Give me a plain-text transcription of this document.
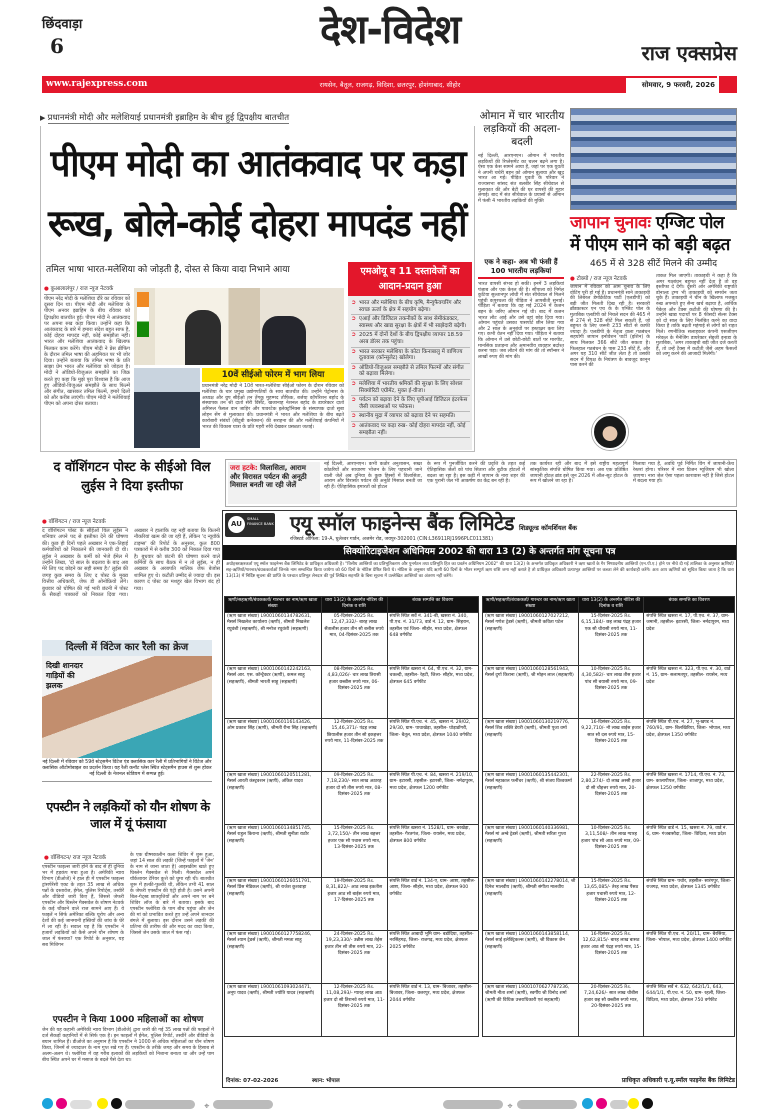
छिंदवाड़ा
6	देश-विदेश	राज एक्सप्रेस
www.rajexpress.com	रायसेन, बैतूल, राजगढ़, विदिशा, छतरपुर, होशंगाबाद, सीहोर	सोमवार, 9 फरवरी, 2026
▶ प्रधानमंत्री मोदी और मलेशियाई प्रधानमंत्री इब्राहिम के बीच हुई द्विपक्षीय बातचीत
पीएम मोदी का आतंकवाद पर कड़ा
रूख, बोले-कोई दोहरा मापदंड नहीं
तमिल भाषा भारत-मलेशिया को जोड़ती है, दोस्त से किया वादा निभाने आया
● कुआलालंपुर / राज न्यूज नेटवर्क
पीएम नरेंद्र मोदी के मलेशिया दौरे का रविवार को दूसरा दिन था। पीएम मोदी और मलेशिया के पीएम अनवर इब्राहिम के बीच रविवार को द्विपक्षीय बातचीत हुई। पीएम मोदी ने आतंकवाद पर अपना रुख कड़ा किया। उन्होंने कहा कि आतंकवाद के बारे में हमारा संदेश बहुत साफ है, कोई दोहरा मापदंड नहीं, कोई समझौता नहीं। भारत और मलेशिया आतंकवाद के खिलाफ मिलकर काम करेंगे। पीएम मोदी ने प्रेस ब्रीफिंग के दौरान तमिल भाषा की अहमियत पर भी जोर दिया। उन्होंने बताया कि तमिल भाषा के प्रति साझा प्रेम भारत और मलेशिया को जोड़ता है। मोदी ने ऑडियो-विजुअल समझौते का जिक्र करते हुए कहा कि मुझे पूरा विश्वास है कि आज हुए ऑडियो-विजुअल समझौते के साथ फिल्में और संगीत, खासकर तमिल फिल्में, हमारे दिलों को और करीब लाएंगी। पीएम मोदी ने मलेशियाई पीएम को अपना दोस्त बताया।
10वें सीईओ फोरम में भाग लिया
प्रधानमंत्री नरेंद्र मोदी ने 10वें भारत-मलेशिया सीईओ फोरम के दौरान रविवार को मलेशिया के चार प्रमुख उद्योगपतियों के साथ बातचीत की। उन्होंने पेट्रोनास के अध्यक्ष और ग्रुप सीईओ तन तेंगकू मुहम्मद तौफिक, बर्जया कॉर्पोरेशन बर्हाद के संस्थापक तन श्री दातो सेरी विंसेंट, खजानाह नेशनल बर्हाद के डायरेक्टर दातो अमिरुल फैसल वान जाहिर और पावरटेक इलेक्ट्रॉनिक्स के संस्थापक दातो सुबा लोहन सेंग से मुलाकात की। प्रधानमंत्री ने भारत और मलेशिया के बीच बढ़ते कारोबारी संबंधों (बीटूबी कनेक्शन) की सराहना की और मलेशियाई कंपनियों में भारत की विकास यात्रा के प्रति गहरी रुचि देखकर प्रसन्नता जताई।
एमओयू व 11 दस्तावेजों का आदान-प्रदान हुआ
➲ भारत और मलेशिया के बीच कृषि, मैन्युफैक्चरिंग और स्वच्छ ऊर्जा के क्षेत्र में सहयोग बढ़ेगा।
➲ एआई और डिजिटल तकनीकों के साथ सेमीकंडक्टर, स्वास्थ्य और खाद्य सुरक्षा के क्षेत्रों में भी साझेदारी बढ़ेगी।
➲ 2025 में दोनों देशों के बीच द्विपक्षीय व्यापार 18.59 अरब डॉलर तक पहुंचा।
➲ भारत सरकार मलेशिया के कोटा किनाबालु में वाणिज्य दूतावास (कॉन्सुलेट) खोलेगा।
➲ ऑडियो-विजुअल समझौते से तमिल फिल्मों और संगीत को बढ़ावा मिलेगा।
➲ मलेशिया में भारतीय श्रमिकों की सुरक्षा के लिए सोशल सिक्योरिटी एग्रीमेंट, मुक्त ई-वीजा।
➲ पर्यटन को बढ़ावा देने के लिए यूपीआई डिजिटल इंटरफेस जैसी व्यवस्थाओं पर फोकस।
➲ स्थानीय मुद्रा में व्यापार को बढ़ावा देने पर सहमति।
➲ आतंकवाद पर कड़ा रुख- कोई दोहरा मापदंड नहीं, कोई समझौता नहीं।
ओमान में चार भारतीय लड़कियों की अदला-बदली
नई दिल्ली, आरएनएन। ओमान में भारतीय लड़कियों की रिप्लेसमेंट का चलन बढ़ने लगा है। ऐसा एक केस सामने आया है, जहां पर एक युवती ने अपनी चचेरी बहन को ओमान बुलाया और खुद भारत आ गई। पीड़ित युवती के परिवार ने राज्यसभा सांसद संत बलबीर सिंह सीचेवाल से मुलाकात की और बेटी की घर वापसी की गुहार लगाई। बाद में संत सीचेवाल के प्रयासों से ओमान में फंसी 4 भारतीय लड़कियों की मुक्ति
एक ने कहा- अब भी फंसी हैं 100 भारतीय लड़कियां
भारत वापसी संभव हो सकी। इनमें 3 लड़कियां पंजाब और एक केरल की है। सौंपाला को निर्मल कुटिया सुल्तानपुर लोधी में संत सीचेवाल से मिलने पहुंची कपूरथला की पीड़िता ने आपबीती सुनाई। पीड़िता ने बताया कि वह मई 2024 में कजन बहन के जरिए ओमान गई थी। बाद में कजन भारत लौट आई और उसे वहां छोड़ दिया गया। ओमान पहुंचते उसका पासपोर्ट छीन लिया गया और 2 साल के अनुबंधों पर हस्ताक्षर करा लिए गए। कभी वेतन नहीं दिया गया। पीड़िता ने बताया कि ओमान में उसे छोटी-छोटी बातों पर मारपीट, मानसिक प्रताड़ना और अमानवीय व्यवहार बर्दाश्त करना पड़ा। जब लौटने की मांग की तो स्पॉन्सर ने लाखों रुपए की मांग की।
जापान चुनावः एग्जिट पोल
में पीएम साने को बड़ी बढ़त
465 में से 328 सीटें मिलने की उम्मीद
● टोक्यो / राज न्यूज नेटवर्क
जापान में रविवार को आम चुनाव के लिए वोटिंग पूरी हो गई है। प्रधानमंत्री साने ताकाइची की लिबरल डेमोक्रेटिक पार्टी (एलडीपी) को बड़ी जीत मिलती दिख रही है। सरकारी ब्रॉडकास्टर एन एच के के एग्जिट पोल के मुताबिक एलडीपी को निचले सदन की 465 में से 274 से 328 सीटें मिल सकती हैं, जो बहुमत के लिए जरूरी 233 सीटों से काफी ज्यादा है। एलडीपी के नेतृत्व वाला गठबंधन सहयोगी जापान इनोवेशन पार्टी (इशिन) के साथ मिलकर 366 सीटें जीत सकता है। फिलहाल गठबंधन के पास 233 सीटें हैं, और अगर यह 310 सीटें जीत लेता है तो उसकी सदन में विपक्ष के नियंत्रण के बावजूद कानून पास करने की
ताकत मिल जाएगी। ताकाइची ने कहा है कि अगर गठबंधन बहुमत नहीं देता है तो वह इस्तीफा दे देंगी। दूसरी ओर अमेरिकी राष्ट्रपति डोनाल्ड ट्रम्प भी ताकाइची को समर्थन जता चुके हैं। ताकाइची ने चीन के खिलाफ मजबूत रुख अपनाते हुए सैन्य खर्च बढ़ाया है, आर्थिक पैकेज और टैक्स कटौती की घोषणा की है। उन्होंने खाद्य पदार्थों पर 8 फीसदी सेल्स टैक्स को दो साल के लिए निलंबित करने का वादा किया है ताकि बढ़ती महंगाई से लोगों को राहत मिले। रणनीतिक सलाहकार कंपनी एसजीएम मरेकल के मैनेजिंग डायरेक्टर सेइजी इनाडा के मुताबिक, 'अगर ताकाइची बड़ी जीत दर्ज करती हैं, तो उन्हें टैक्स में कटौती जैसे अहम फैसलों को लागू करने की आजादी मिलेगी।'
द वॉशिंगटन पोस्ट के सीईओ विल लुईस ने दिया इस्तीफा
● वॉशिंगटन / राज न्यूज नेटवर्क
द वॉशिंगटन पोस्ट के सीईओ विल लुईस ने शनिवार अपने पद से इस्तीफा देने की घोषणा की। कुछ ही दिनों पहले अखबार ने एक-तिहाई कर्मचारियों को निकालने की जानकारी दी थी। लुईस ने अखबार के कर्मी को भेजे ईमेल में उन्होंने लिखा, 'दो साल के बदलाव के बाद अब मेरे लिए पद छोड़ने का सही समय है।' लुईस की जगह कुछ समय के लिए द पोस्ट के मुख्य वित्तीय अधिकारी, जेफ डी ओनोफ्रियो लेंगे। बुधवार को घोषित की गई भारी छंटनी में पोस्ट के सैकड़ों पत्रकारों को निकाल दिया गया। अखबार ने हालांकि यह नहीं बताया कि कितनी नौकरियां खत्म की जा रही हैं, लेकिन 'द न्यूयॉर्क टाइम्स' की रिपोर्ट के अनुसार, कुल 800 पत्रकारों में से करीब 300 को निकाल दिया गया है। बुधवार को छंटनी की घोषणा करने वाले कर्मियों के साथ बैठक में न तो लुईस, न ही अखबार के अरबपति मालिक जेफ बेजोस शामिल हुए थे। कटौती उम्मीद से ज्यादा थी। इस कारण द पोस्ट का मशहूर खेल विभाग बंद हो गया।
दिल्ली में विंटेज कार रैली का क्रेज
दिखी शानदार गाड़ियों की झलक
नई दिल्ली में रविवार को 59वें स्टेट्समैन विंटेज एंड क्लासिक कार रैली में प्रतिभागियों ने विंटेज और क्लासिक ऑटोमोबाइल का प्रदर्शन किया। यह रैली कनॉट प्लेस स्थित स्टेट्समैन हाउस से शुरू होकर नई दिल्ली के नेशनल स्टेडियम में सम्पन्न हुई।
एपस्टीन ने लड़कियों को यौन शोषण के जाल में यूं फंसाया
● वॉशिंगटन/ राज न्यूज नेटवर्क
एपस्टीन फाइल्स जारी होने के बाद से ही दुनिया भर में हड़कंप मचा हुआ है। अमेरिकी न्याय विभाग (डीओजे) ने हाल ही में एपस्टीन फाइल्स ट्रांसपेरेंसी एक्ट के तहत 35 लाख से अधिक पन्नों के दस्तावेज, ईमेल, पुलिस रिपोर्ट्स, तस्वीरें और वीडियो जारी किए हैं, जिससे जेफरी एपस्टीन और घिस्लेन मैक्सवेल के शोषण नेटवर्क के कई चौंकाने वाले राज सामने आए हैं। ये फाइलें न सिर्फ अमेरिका बल्कि यूरोप और अन्य देशों की कई जानमानी हस्तियों की जांच के घेरे में ला रही हैं। सवाल यह है कि एपस्टीन ने हजारों लड़कियों को कैसे अपने यौन शोषण के जाल में फंसाया? एक रिपोर्ट के अनुसार, यह सब मिशिगन
के एक ग्रीष्मकालीन कला शिविर में शुरू हुआ, जहां 14 साल की लड़की (जिन्हें फाइलों में 'जेन' के नाम से जाना जाता है) आइसक्रीम खाते हुए घिस्लेन मैक्सवेल से मिली। मैक्सवेल अपने यॉर्कशायर टेरियर कुत्ते को घुमा रही थी। बातचीत शुरू में हल्की-फुल्की थी, लेकिन तभी 41 साल के जेफरी एपस्टीन की एंट्री होती है। उसने अपनी बिल-गेट्स्ड छात्रवृत्तियों और अपने नाम पर बने शिविर लॉज के बारे में बताया। इसके बाद एपस्टीन फ्लोरिडा के पाम बीच पहुंचा और जेन की मां को प्रभावित करते हुए उन्हें अपने शानदार बंगले में बुलाया। इस दौरान उसने लड़की की प्रतिभा की तारीफ की और मदद का वादा किया, जिससे जेन उसके जाल में फंस गई।
एपस्टीन ने किया 1000 महिलाओं का शोषण
जेन की यह कहानी अमेरिकी न्याय विभाग (डीओजे) द्वारा जारी की गई 35 लाख पन्नों की फाइलों में दर्ज सैकड़ों कहानियों में से सिर्फ एक है। इन फाइलों में ईमेल, पुलिस रिपोर्ट, तस्वीरें और वीडियो के बयान शामिल हैं। डीओजे का अनुमान है कि एपस्टीन ने 1000 से अधिक महिलाओं का यौन शोषण किया, जिनमें से ज्यादातर के नाम गुप्त रखे गए हैं। एपस्टीन के तरीके जगह और समय के हिसाब से अलग-अलग थे। फ्लोरिडा में वह गरीब इलाकों की लड़कियों को निशाना बनाता था और उन्हें पाम बीच स्थित अपने घर में मसाज के बदले पैसे देता था।
जरा हटके: विलासिता, आराम और विरासत पर्यटन की अनूठी मिसाल बनती जा रही जेलें
नई दिल्ली, आरएनएन। कभी कठोर अनुशासन, सख्त कोठरियों और साधारण भोजन के लिए पहचानी जाने वाली जेलें अब दुनिया के कुछ हिस्सों में विलासिता, आराम और विरासत पर्यटन की अनूठी मिसाल बनती जा रही हैं। ऐतिहासिक इमारतों को होटल
के रूप में पुनर्जीवित करने की प्रवृत्ति के तहत कई ऐतिहासिक जेलों को पांच सितारा और बुटीक होटलों में बदला जा रहा है। इस कड़ी में जापान के नारा शहर की एक पुरानी जेल भी आकर्षण का केंद्र बन रही है।
तक कार्यरत रही और बाद में इसे राष्ट्रीय महत्वपूर्ण सांस्कृतिक संपत्ति घोषित किया गया। अब एक प्रतिष्ठित जापानी होटल ब्रांड इसे जून 2026 में ऑल-सूट होटल के रूप में खोलने जा रहा है।
मिलाया गया है, अवधि पूर्व निर्मित विंग में जापानी-फ्रेंच रेस्तरां होगा। परिसर में नारा प्रिजन म्यूजियम भी खोला जाएगा। नारा जेल ऐसा पहला कारावास नहीं है जिसे होटल में बदला गया हो।
AU
SMALL FINANCE BANK एयू स्मॉल फाइनेन्स बैंक लिमिटेड शिड्यूल्ड कॉमर्शियल बैंक
रजिस्टर्ड ऑफिस: 19-A, धुलेश्वर गार्डन, अजमेर रोड, जयपुर-302001 (CIN:L36911RJ1996PLC011381)
सिक्योरिटाइजेशन अधिनियम 2002 की धारा 13 (2) के अन्तर्गत मांग सूचना पत्र
अधोहस्ताक्षरकर्ता एयू स्मॉल फाइनेन्स बैंक लिमिटेड के प्राधिकृत अधिकारी है। "वित्तीय आस्तियों का प्रतिभूतिकरण और पुनर्गठन तथा प्रतिभूति हित का प्रवर्तन अधिनियम 2002" की धारा 13(2) के अन्तर्गत प्राधिकृत अधिकारी ने ऋण खातों के गैर निष्पादनीय आस्तियों (एन.पी.ए.) होने पर नीचे दी गई तालिका के अनुसार ऋणियों/सह-ऋणियों/गारन्टर/बंधककर्ताओं जिनके नाम सम्बन्धित किया जायेगा को 60 दिनों के नोटिस प्रेषित किये थे। नोटिस के अनुसार यदि ऋणी 60 दिनों के भीतर सम्पूर्ण ऋण राशि जमा नहीं कराते है तो प्राधिकृत अधिकारी प्रत्याभूत आस्तियों पर कब्जा लेने की कार्यवाही करेंगे। अतः आप ऋणियों को सूचित किया जाता है कि धारा 13(13) में निर्दिष्ट सूचना की प्राप्ति के पश्चात प्रतिभूत लेनदार की पूर्व लिखित सहमति के बिना सूचना में उल्लेखित आस्तियों का अंतरण नहीं करेंगे।
ऋणी/सहऋणी/बंधककर्ता/ गारन्टर का नाम/ऋण खाता संख्या	धारा 13(2) के अन्तर्गत नोटिस की दिनांक व राशि	बंधक सम्पत्ति का विवरण
(ऋण खाता संख्या) L9001060134782631, मैसर्स निखलेश कार्यालय (ऋणी), श्रीमती निखलेश रघुवंशी (सहऋणी), श्री मनोज रघुवंशी (सहऋणी)	05-दिसंबर-2025 Rs. 12,47,332/- बारह लाख सैंतालीस हजार तीन सौ बत्तीस रुपये मात्र, 04-दिसंबर-2025 तक	संपत्ति स्थित सर्वे नं. 341-बी, खसरा नं. 340, पी.एच. नं. 31/73, वार्ड नं. 12, ग्राम- सिहरान, तहसील एवं जिला- सीहोर, मध्य प्रदेश, क्षेत्रफल 648 वर्गफीट
(ऋण खाता संख्या) L9001060142242163, मैसर्स आर. एस. कॉन्ट्रैक्टर (ऋणी), कमल साहू (सहऋणी), श्रीमती भारती साहू (सहऋणी)	08-दिसंबर-2025 Rs. 4,83,026/- चार लाख तिरासी हजार छब्बीस रुपये मात्र, 06-दिसंबर-2025 तक	संपत्ति स्थित खसरा नं. 64, पी.एच. नं. 32, ग्राम- चकल्दी, तहसील- रेहटी, जिला- सीहोर, मध्य प्रदेश, क्षेत्रफल 645 वर्गफीट
(ऋण खाता संख्या) L9001060116143426, ओम प्रकाश सिंह (ऋणी), श्रीमती रीना सिंह (सहऋणी)	12-दिसंबर-2025 Rs. 15,46,371/- पंद्रह लाख छियालीस हजार तीन सौ इकहत्तर रुपये मात्र, 11-दिसंबर-2025 तक	संपत्ति स्थित पी.एच. नं. 45, खसरा नं. 29/02, 29/30, ग्राम- पाथाखेड़ा, तहसील- घोड़ाडोंगरी, जिला- बैतूल, मध्य प्रदेश, क्षेत्रफल 1040 वर्गफीट
(ऋण खाता संख्या) L9001060120511281, मैसर्स आरती कंस्ट्रक्शन (ऋणी), अंकित यादव (सहऋणी)	09-दिसंबर-2025 Rs. 7,18,230/- सात लाख अठारह हजार दो सौ तीस रुपये मात्र, 08-दिसंबर-2025 तक	संपत्ति स्थित पी.एच. नं. 84, खसरा नं. 219/10, ग्राम- इटारसी, तहसील- इटारसी, जिला- नर्मदापुरम, मध्य प्रदेश, क्षेत्रफल 1200 वर्गफीट
(ऋण खाता संख्या) L9001060134851745, मैसर्स राहुल किराना (ऋणी), श्रीमती सुनीता राठौर (सहऋणी)	15-दिसंबर-2025 Rs. 3,72,150/- तीन लाख बहत्तर हजार एक सौ पचास रुपये मात्र, 13-दिसंबर-2025 तक	संपत्ति स्थित खसरा नं. 1528/1, ग्राम- बरखेड़ा, तहसील- गैरतगंज, जिला- रायसेन, मध्य प्रदेश, क्षेत्रफल 800 वर्गफीट
(ऋण खाता संख्या) L9001060126051791, मैसर्स प्रिंस मेडिकल (ऋणी), श्री राजेश कुशवाहा (सहऋणी)	19-दिसंबर-2025 Rs. 8,31,822/- आठ लाख इकतीस हजार आठ सौ बाईस रुपये मात्र, 17-दिसंबर-2025 तक	संपत्ति स्थित वार्ड नं. 134-ए, ग्राम- आष्टा, तहसील- आष्टा, जिला- सीहोर, मध्य प्रदेश, क्षेत्रफल 900 वर्गफीट
(ऋण खाता संख्या) L9001060127758246, मैसर्स श्याम ट्रेडर्स (ऋणी), श्रीमती ममता साहू (सहऋणी)	24-दिसंबर-2025 Rs. 19,23,330/- उन्नीस लाख तेईस हजार तीन सौ तीस रुपये मात्र, 22-दिसंबर-2025 तक	संपत्ति स्थित आबादी भूमि ग्राम- बडोदिया, तहसील- नरसिंहगढ़, जिला- राजगढ़, मध्य प्रदेश, क्षेत्रफल 2025 वर्गफीट
(ऋण खाता संख्या) L9001061093024471, अनूप यादव (ऋणी), श्रीमती ज्योति यादव (सहऋणी)	12-दिसंबर-2025 Rs. 11,08,293/- ग्यारह लाख आठ हजार दो सौ तिरानवे रुपये मात्र, 11-दिसंबर-2025 तक	संपत्ति स्थित वार्ड नं. 13, ग्राम- बिजावर, तहसील- बिजावर, जिला- छतरपुर, मध्य प्रदेश, क्षेत्रफल 2044 वर्गफीट
ऋणी/सहऋणी/बंधककर्ता/ गारन्टर का नाम/ऋण खाता संख्या	धारा 13(2) के अन्तर्गत नोटिस की दिनांक व राशि	बंधक सम्पत्ति का विवरण
(ऋण खाता संख्या) L9001060127027212, मैसर्स गणेश ट्रेडर्स (ऋणी), श्रीमती कविता पटेल (सहऋणी)	15-दिसंबर-2025 Rs. 6,15,184/- छह लाख पंद्रह हजार एक सौ चौरासी रुपये मात्र, 11-दिसंबर-2025 तक	संपत्ति स्थित खसरा नं. 17, पी.एच. नं. 37, ग्राम- जमानी, तहसील- इटारसी, जिला- नर्मदापुरम, मध्य प्रदेश
(ऋण खाता संख्या) L9001060128561943, मैसर्स दुर्गा किराना (ऋणी), श्री मोहन लाल (सहऋणी)	10-दिसंबर-2025 Rs. 4,30,582/- चार लाख तीस हजार पांच सौ बयासी रुपये मात्र, 09-दिसंबर-2025 तक	संपत्ति स्थित खसरा नं. 323, पी.एच. नं. 30, वार्ड नं. 15, ग्राम- सलामतपुर, तहसील- रायसेन, मध्य प्रदेश
(ऋण खाता संख्या) L9001060130219776, मैसर्स शिव शक्ति डेयरी (ऋणी), श्रीमती पूजा वर्मा (सहऋणी)	16-दिसंबर-2025 Rs. 9,22,710/- नौ लाख बाईस हजार सात सौ दस रुपये मात्र, 15-दिसंबर-2025 तक	संपत्ति स्थित पी.एच. नं. 27, भू-खण्ड नं. 760/91, ग्राम- बिलखिरिया, जिला- भोपाल, मध्य प्रदेश, क्षेत्रफल 1350 वर्गफीट
(ऋण खाता संख्या) L9001060135442301, मैसर्स महाकाल फर्नीचर (ऋणी), श्री संजय विश्वकर्मा (सहऋणी)	22-दिसंबर-2025 Rs. 2,80,274/- दो लाख अस्सी हजार दो सौ चौहत्तर रुपये मात्र, 20-दिसंबर-2025 तक	संपत्ति स्थित खसरा नं. 1714, पी.एच. नं. 73, ग्राम- कालापीपल, जिला- शाजापुर, मध्य प्रदेश, क्षेत्रफल 1250 वर्गफीट
(ऋण खाता संख्या) L9001060140336981, मैसर्स मां अम्बे ट्रेडर्स (ऋणी), श्रीमती सरिता गुप्ता (सहऋणी)	10-दिसंबर-2025 Rs. 3,11,508/- तीन लाख ग्यारह हजार पांच सौ आठ रुपये मात्र, 09-दिसंबर-2025 तक	संपत्ति स्थित वार्ड नं. 15, खसरा नं. 79, वार्ड नं. 6, ग्राम- गंजबासौदा, जिला- विदिशा, मध्य प्रदेश
(ऋण खाता संख्या) L9001060142278014, श्री दिनेश मालवीय (ऋणी), श्रीमती संगीता मालवीय (सहऋणी)	15-दिसंबर-2025 Rs. 13,65,085/- तेरह लाख पैंसठ हजार पचासी रुपये मात्र, 12-दिसंबर-2025 तक	संपत्ति स्थित ग्राम- पचोर, तहसील- सारंगपुर, जिला- राजगढ़, मध्य प्रदेश, क्षेत्रफल 1345 वर्गफीट
(ऋण खाता संख्या) L9001060143858114, मैसर्स साई इलेक्ट्रिकल्स (ऋणी), श्री विकास जैन (सहऋणी)	16-दिसंबर-2025 Rs. 12,62,815/- बारह लाख बासठ हजार आठ सौ पंद्रह रुपये मात्र, 15-दिसंबर-2025 तक	संपत्ति स्थित पी.एच. नं. 20/11, ग्राम- बैरसिया, जिला- भोपाल, मध्य प्रदेश, क्षेत्रफल 1400 वर्गफीट
(ऋण खाता संख्या) L9001070627787236, श्रीमती नीता शर्मा (ऋणी), स्वर्गीय श्री विनोद शर्मा (ऋणी की विधिक उत्तराधिकारी एवं सहऋणी)	20-दिसंबर-2025 Rs. 7,24,626/- सात लाख चौबीस हजार छह सौ छब्बीस रुपये मात्र, 20-दिसंबर-2025 तक	संपत्ति स्थित सर्वे नं. 632, 642/1/1, 643, 644/1/1, पी.एच. नं. 50, ग्राम- रहली, जिला- विदिशा, मध्य प्रदेश, क्षेत्रफल 750 वर्गफीट
दिनांक: 07-02-2026	स्थान: भोपाल	प्राधिकृत अधिकारी ए.यू.स्मॉल फाइनेंस बैंक लिमिटेड
⌖	⌖
